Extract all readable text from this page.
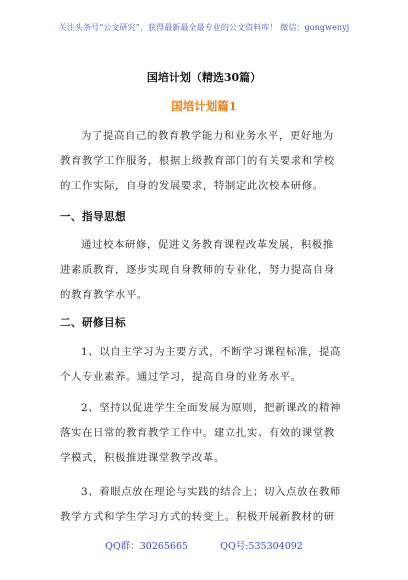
关注头条号“公文研究”，获得最新最全最专业的公文资料库！ 微信：gongwenyj
国培计划（精选30篇）
国培计划篇1
为了提高自己的教育教学能力和业务水平，更好地为
教育教学工作服务，根据上级教育部门的有关要求和学校
的工作实际，自身的发展要求，特制定此次校本研修。
一、指导思想
通过校本研修，促进义务教育课程改革发展，积极推
进素质教育，逐步实现自身教师的专业化，努力提高自身
的教育教学水平。
二、研修目标
1、以自主学习为主要方式，不断学习课程标准，提高
个人专业素养。通过学习，提高自身的业务水平。
2、坚持以促进学生全面发展为原则，把新课改的精神
落实在日常的教育教学工作中。建立扎实、有效的课堂教
学模式，积极推进课堂教学改革。
3、着眼点放在理论与实践的结合上；切入点放在教师
教学方式和学生学习方式的转变上。积极开展新教材的研
QQ群：30265665	QQ号:535304092
